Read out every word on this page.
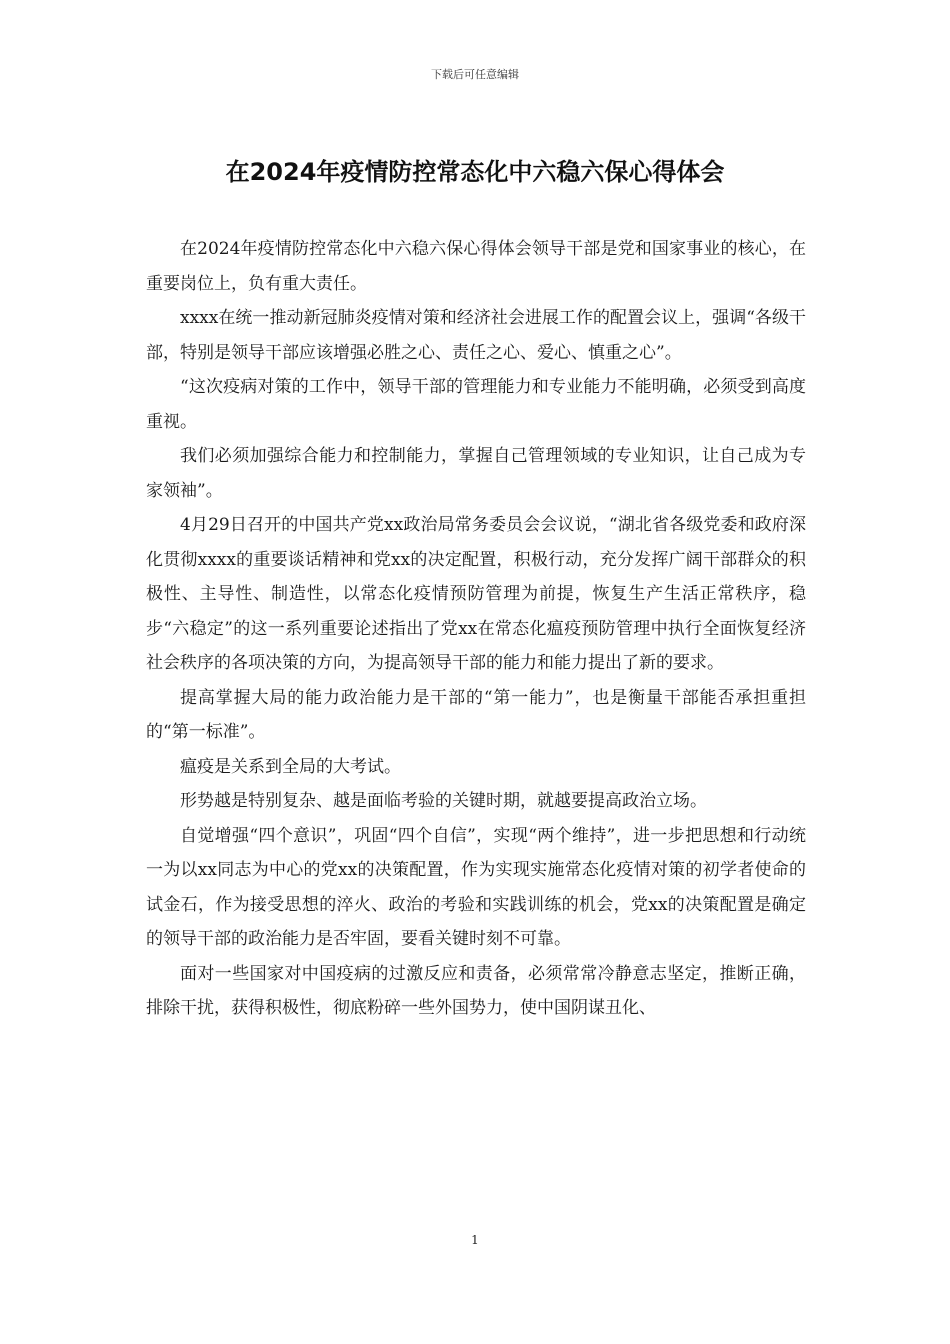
下载后可任意编辑
在2024年疫情防控常态化中六稳六保心得体会

在2024年疫情防控常态化中六稳六保心得体会领导干部是党和国家事业的核心，在重要岗位上，负有重大责任。

xxxx在统一推动新冠肺炎疫情对策和经济社会进展工作的配置会议上，强调“各级干部，特别是领导干部应该增强必胜之心、责任之心、爱心、慎重之心”。

“这次疫病对策的工作中，领导干部的管理能力和专业能力不能明确，必须受到高度重视。

我们必须加强综合能力和控制能力，掌握自己管理领域的专业知识，让自己成为专家领袖”。

4月29日召开的中国共产党xx政治局常务委员会会议说，“湖北省各级党委和政府深化贯彻xxxx的重要谈话精神和党xx的决定配置，积极行动，充分发挥广阔干部群众的积极性、主导性、制造性，以常态化疫情预防管理为前提，恢复生产生活正常秩序，稳步“六稳定”的这一系列重要论述指出了党xx在常态化瘟疫预防管理中执行全面恢复经济社会秩序的各项决策的方向，为提高领导干部的能力和能力提出了新的要求。

提高掌握大局的能力政治能力是干部的“第一能力”，也是衡量干部能否承担重担的“第一标准”。

瘟疫是关系到全局的大考试。

形势越是特别复杂、越是面临考验的关键时期，就越要提高政治立场。

自觉增强“四个意识”，巩固“四个自信”，实现“两个维持”，进一步把思想和行动统一为以xx同志为中心的党xx的决策配置，作为实现实施常态化疫情对策的初学者使命的试金石，作为接受思想的淬火、政治的考验和实践训练的机会，党xx的决策配置是确定的领导干部的政治能力是否牢固，要看关键时刻不可靠。

面对一些国家对中国疫病的过激反应和责备，必须常常冷静意志坚定，推断正确，排除干扰，获得积极性，彻底粉碎一些外国势力，使中国阴谋丑化、

1
